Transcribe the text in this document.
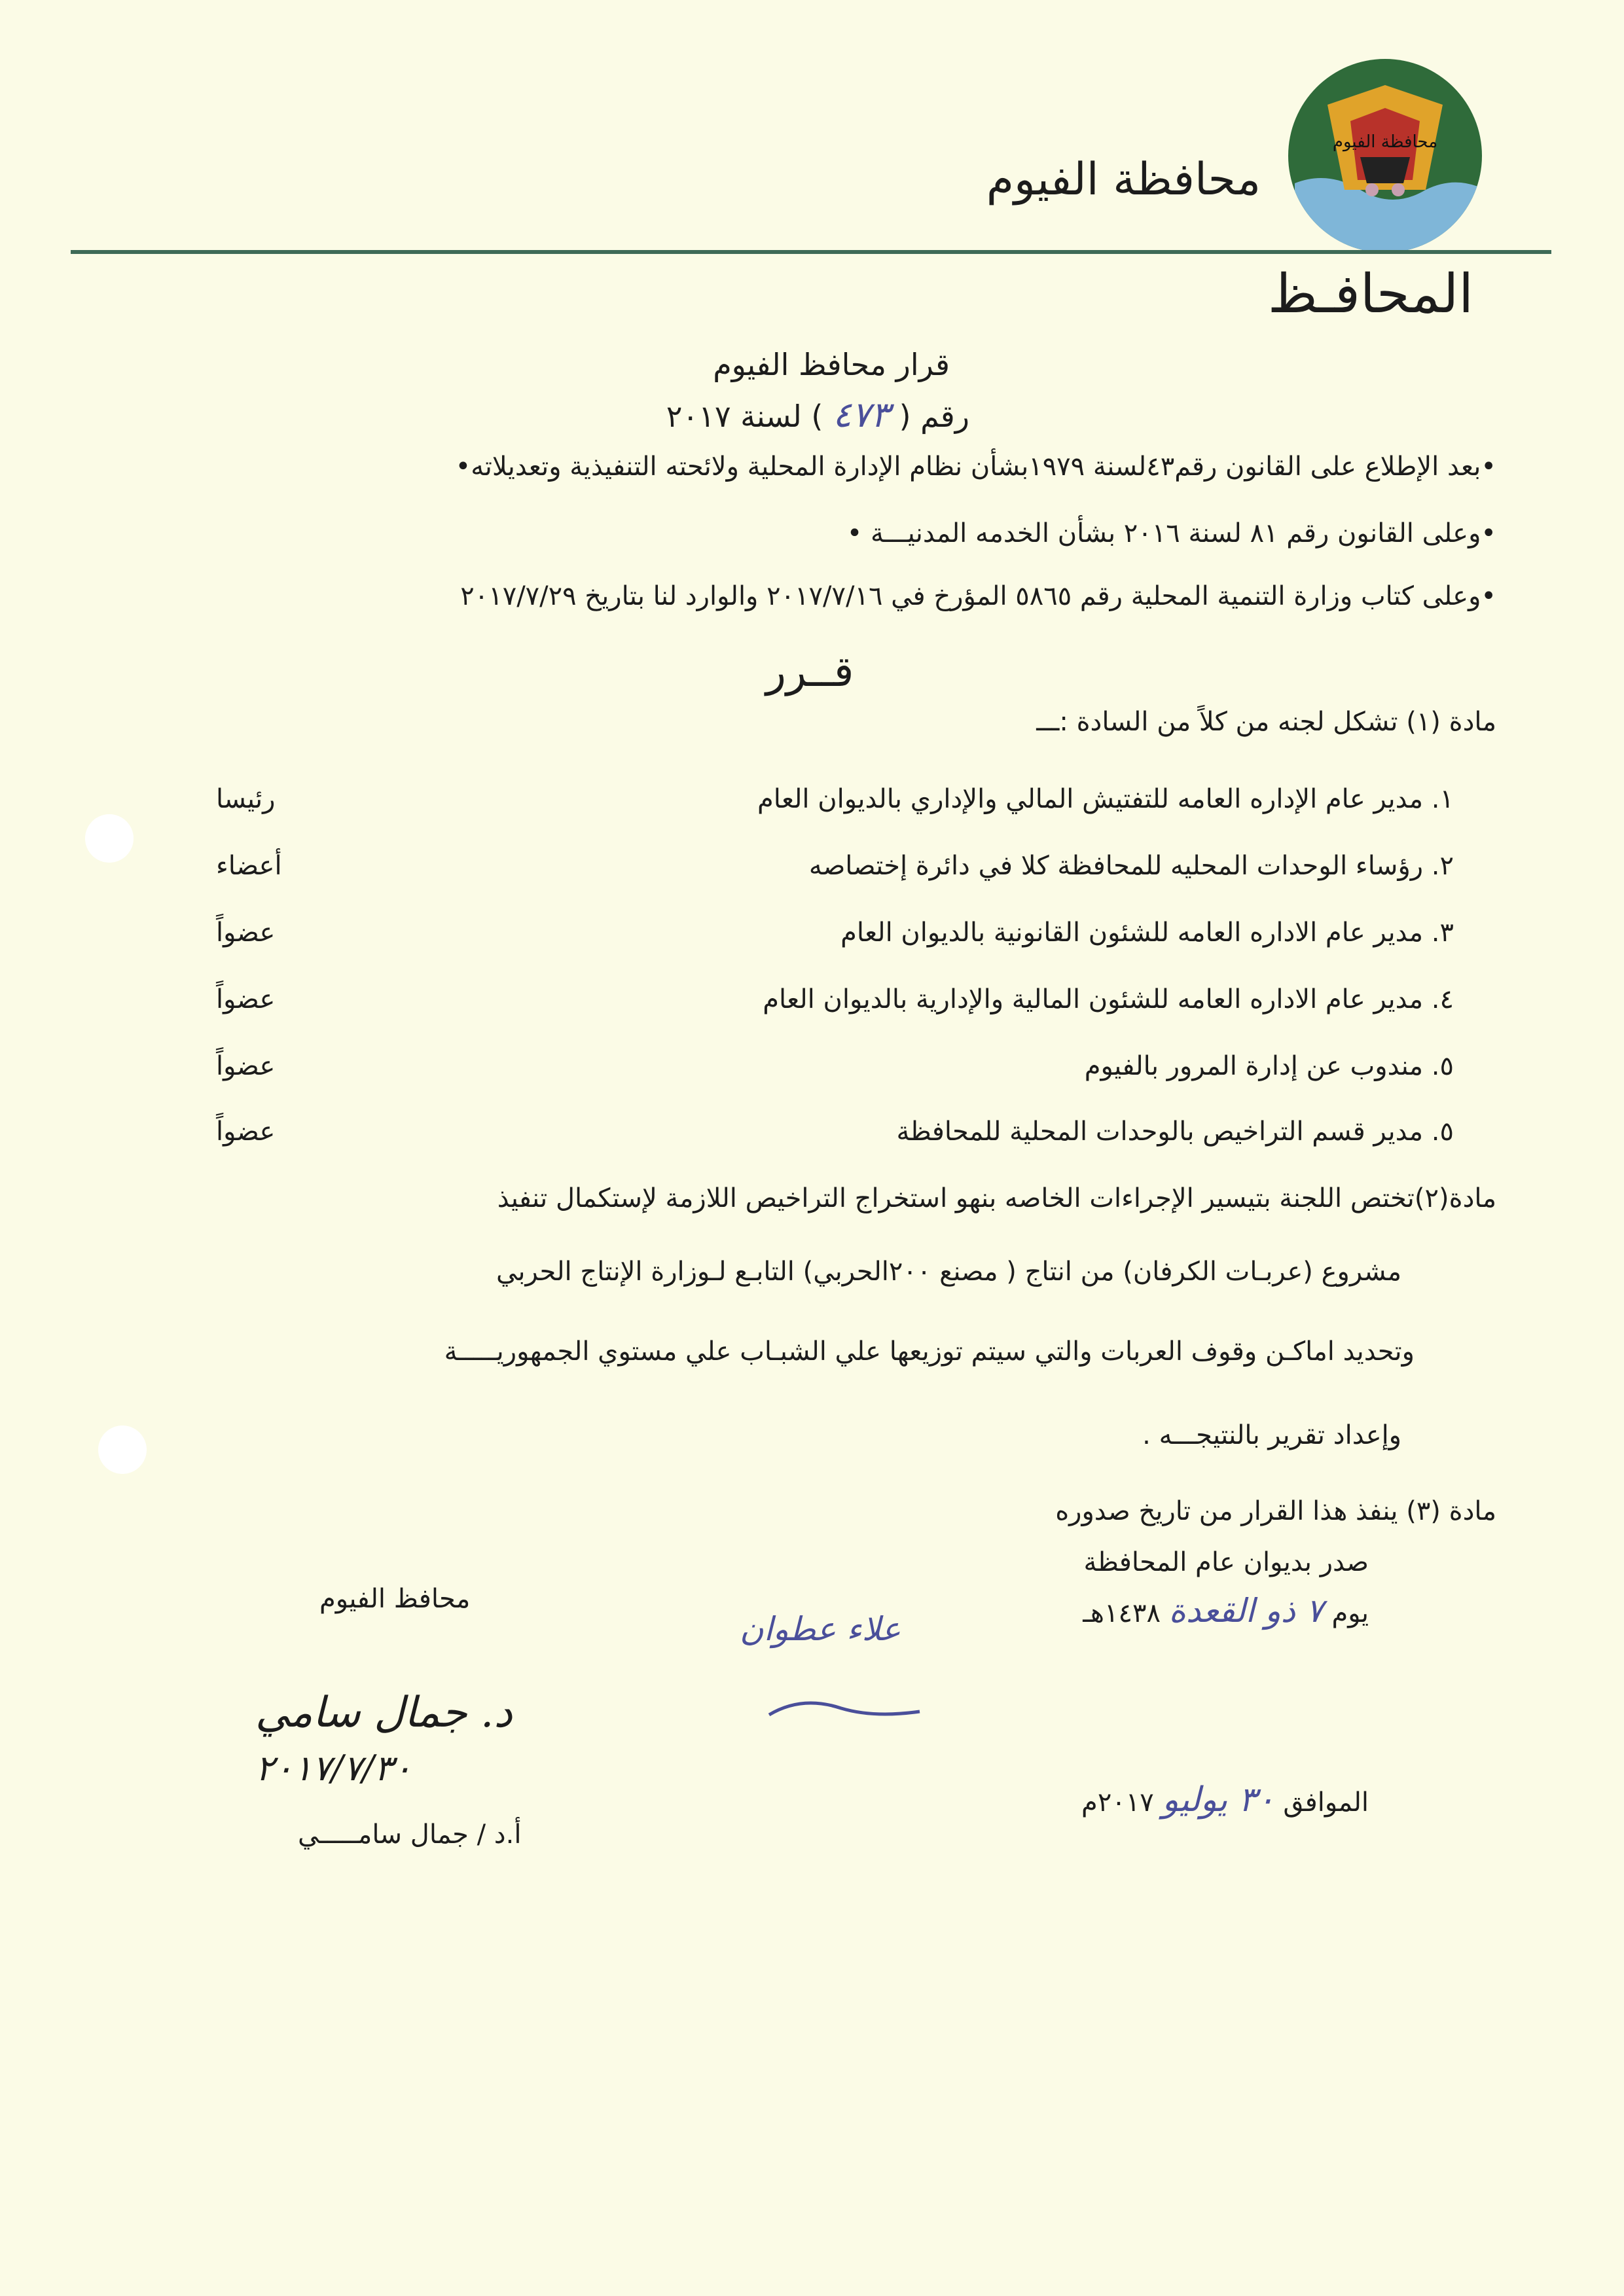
محافظة الفيوم
محافظة الفيوم
المحافـظ
قرار محافظ الفيوم
رقم ( ٤٧٣ ) لسنة ٢٠١٧
•بعد الإطلاع على القانون رقم٤٣لسنة ١٩٧٩بشأن نظام الإدارة المحلية ولائحته التنفيذية وتعديلاته•
•وعلى القانون رقم ٨١ لسنة ٢٠١٦ بشأن الخدمه المدنيـــة •
•وعلى كتاب وزارة التنمية المحلية رقم ٥٨٦٥ المؤرخ في ٢٠١٧/٧/١٦ والوارد لنا بتاريخ ٢٠١٧/٧/٢٩
قــرر
مادة (١) تشكل لجنه من كلاً من السادة :ـــ
١. مدير عام الإداره العامه للتفتيش المالي والإداري بالديوان العام
رئيسا
٢. رؤساء الوحدات المحليه للمحافظة كلا في دائرة إختصاصه
أعضاء
٣. مدير عام الاداره العامه للشئون القانونية بالديوان العام
عضواً
٤. مدير عام الاداره العامه للشئون المالية والإدارية بالديوان العام
عضواً
٥. مندوب عن إدارة المرور بالفيوم
عضواً
٥. مدير قسم التراخيص بالوحدات المحلية للمحافظة
عضواً
مادة(٢)تختص اللجنة بتيسير الإجراءات الخاصه بنهو استخراج التراخيص اللازمة لإستكمال تنفيذ
مشروع (عربـات الكرفان) من انتاج ( مصنع ٢٠٠الحربي) التابـع لـوزارة الإنتاج الحربي
وتحديد اماكـن وقوف العربات والتي سيتم توزيعها علي الشبـاب علي مستوي الجمهوريـــــة
وإعداد تقرير بالنتيجـــه .
مادة (٣) ينفذ هذا القرار من تاريخ صدوره
صدر بديوان عام المحافظة
يوم ٧ ذو القعدة ١٤٣٨هـ
الموافق ٣٠ يوليو ٢٠١٧م
محافظ الفيوم
د. جمال سامي
٢٠١٧/٧/٣٠
أ.د / جمال سامـــــي
علاء عطوان
